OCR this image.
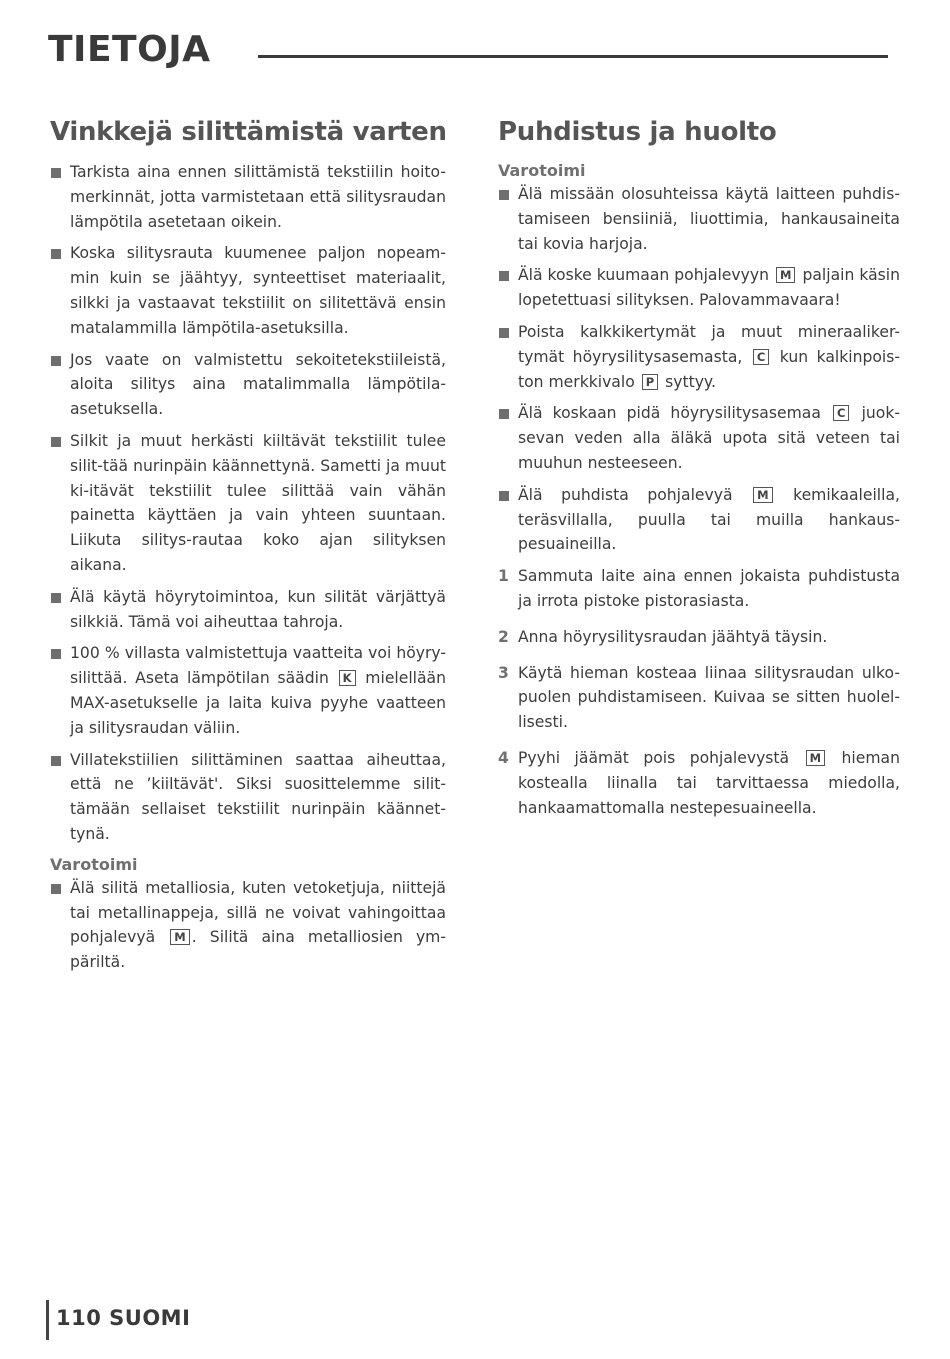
TIETOJA
Vinkkejä silittämistä varten
Tarkista aina ennen silittämistä tekstiilin hoito-merkinnät, jotta varmistetaan että silitysraudan lämpötila asetetaan oikein.
Koska silitysrauta kuumenee paljon nopeam-min kuin se jäähtyy, synteettiset materiaalit, silkki ja vastaavat tekstiilit on silitettävä ensin matalammilla lämpötila-asetuksilla.
Jos vaate on valmistettu sekoitetekstiileistä, aloita silitys aina matalimmalla lämpötila-asetuksella.
Silkit ja muut herkästi kiiltävät tekstiilit tulee silit-tää nurinpäin käännettynä. Sametti ja muut ki-itävät tekstiilit tulee silittää vain vähän painetta käyttäen ja vain yhteen suuntaan. Liikuta silitys-rautaa koko ajan silityksen aikana.
Älä käytä höyrytoimintoa, kun silität värjättyä silkkiä. Tämä voi aiheuttaa tahroja.
100 % villasta valmistettuja vaatteita voi höyry-silittää. Aseta lämpötilan säädin K mielellään MAX-asetukselle ja laita kuiva pyyhe vaatteen ja silitysraudan väliin.
Villatekstiilien silittäminen saattaa aiheuttaa, että ne ’kiiltävät'. Siksi suosittelemme silit-tämään sellaiset tekstiilit nurinpäin käännet-tynä.
Varotoimi
Älä silitä metalliosia, kuten vetoketjuja, niittejä tai metallinappeja, sillä ne voivat vahingoittaa pohjalevyä M . Silitä aina metalliosien ym-päriltä.
Puhdistus ja huolto
Varotoimi
Älä missään olosuhteissa käytä laitteen puhdis-tamiseen bensiiniä, liuottimia, hankausaineita tai kovia harjoja.
Älä koske kuumaan pohjalevyyn M paljain käsin lopetettuasi silityksen. Palovammavaara!
Poista kalkkikertymät ja muut mineraaliker-tymät höyrysilitysasemasta, C kun kalkinpois-ton merkkivalo P syttyy.
Älä koskaan pidä höyrysilitysasemaa C juok-sevan veden alla äläkä upota sitä veteen tai muuhun nesteeseen.
Älä puhdista pohjalevyä M kemikaaleilla, teräsvillalla, puulla tai muilla hankaus-pesuaineilla.
1 Sammuta laite aina ennen jokaista puhdistusta ja irrota pistoke pistorasiasta.
2 Anna höyrysilitysraudan jäähtyä täysin.
3 Käytä hieman kosteaa liinaa silitysraudan ulko-puolen puhdistamiseen. Kuivaa se sitten huolel-lisesti.
4 Pyyhi jäämät pois pohjalevystä M hieman kostealla liinalla tai tarvittaessa miedolla, hankaamattomalla nestepesuaineella.
110 SUOMI
